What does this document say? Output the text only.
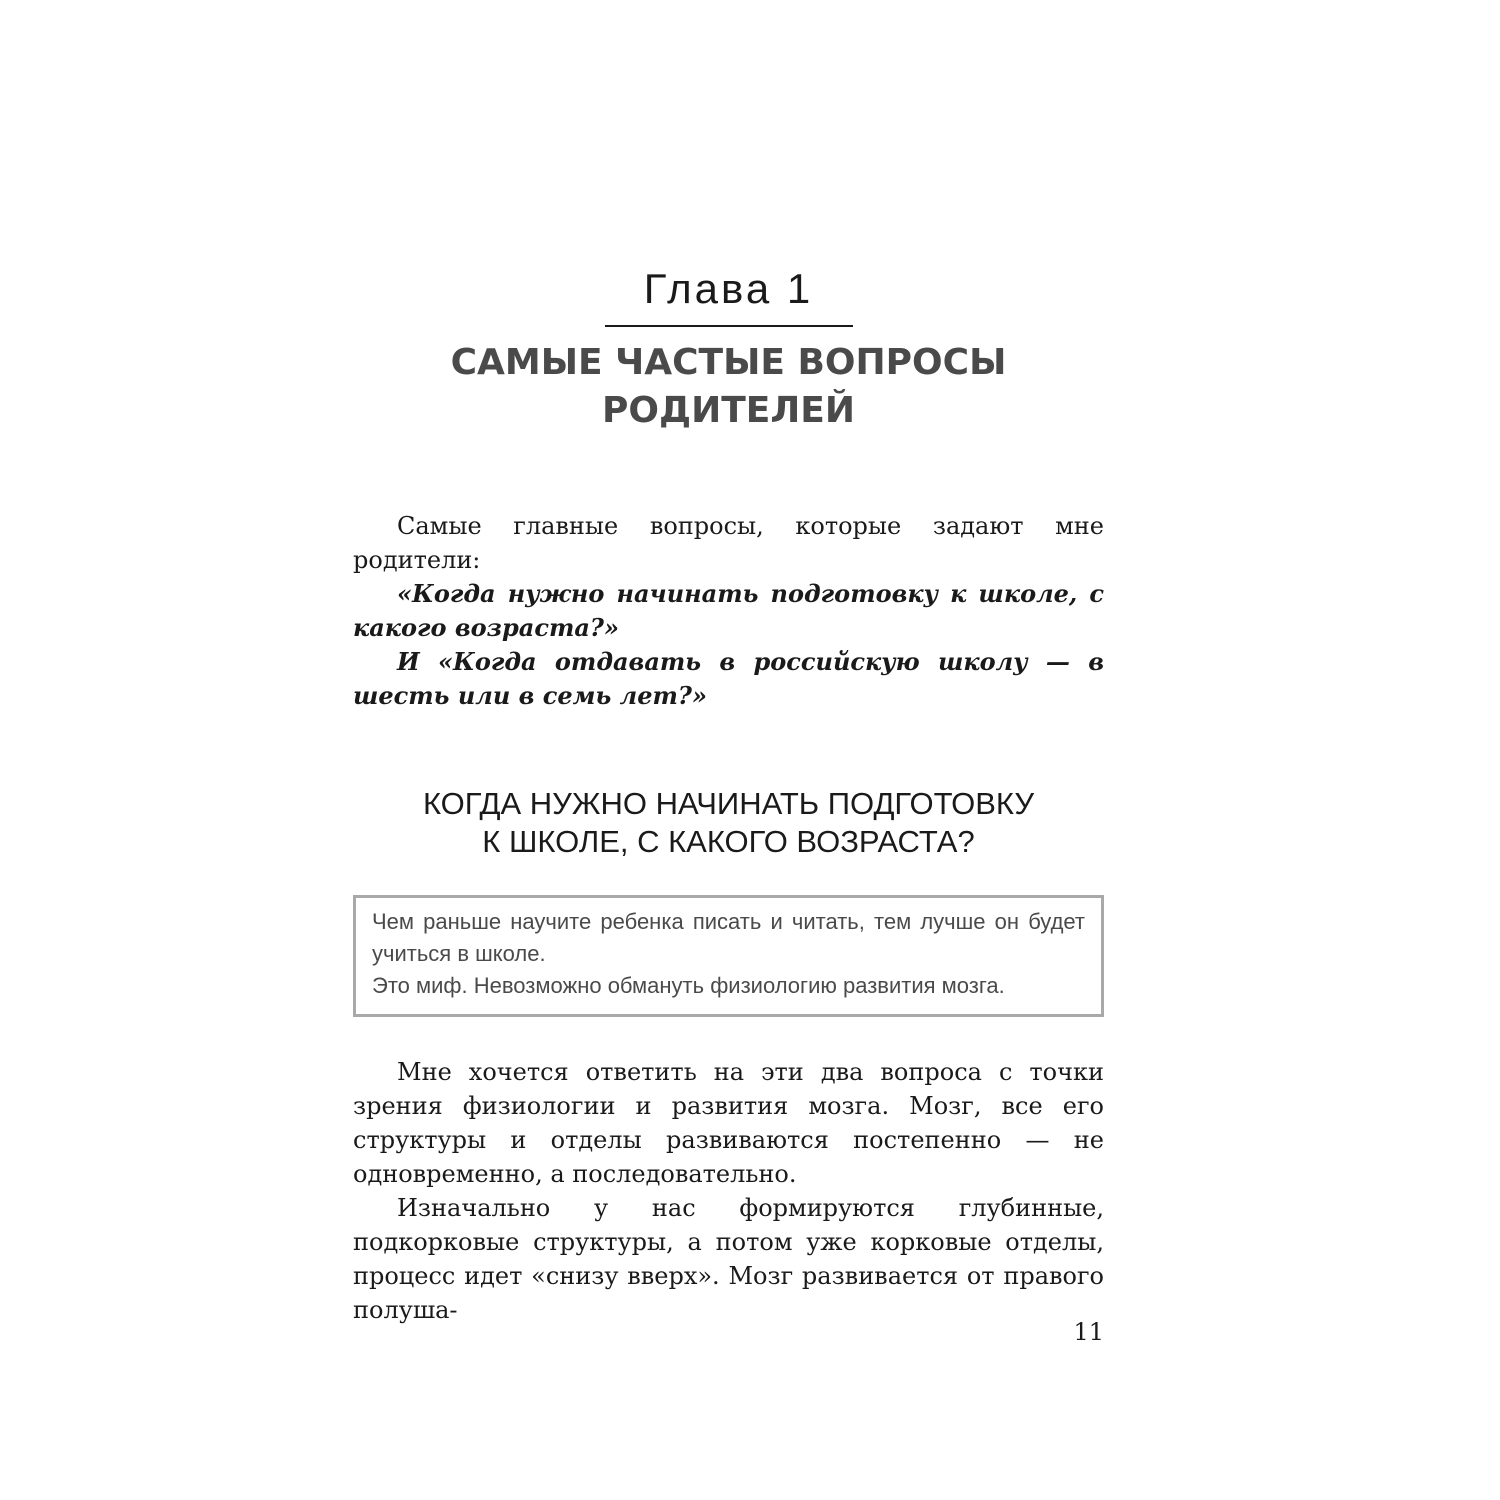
Глава 1
САМЫЕ ЧАСТЫЕ ВОПРОСЫ
РОДИТЕЛЕЙ

Самые главные вопросы, которые задают мне родители:

«Когда нужно начинать подготовку к школе, с какого возраста?»

И «Когда отдавать в российскую школу — в шесть или в семь лет?»

КОГДА НУЖНО НАЧИНАТЬ ПОДГОТОВКУ
К ШКОЛЕ, С КАКОГО ВОЗРАСТА?

Чем раньше научите ребенка писать и читать, тем лучше он будет учиться в школе.

Это миф. Невозможно обмануть физиологию развития мозга.

Мне хочется ответить на эти два вопроса с точки зрения физиологии и развития мозга. Мозг, все его структуры и отделы развиваются постепенно — не одновременно, а последовательно.

Изначально у нас формируются глубинные, подкорковые структуры, а потом уже корковые отделы, процесс идет «снизу вверх». Мозг развивается от правого полуша-

11
